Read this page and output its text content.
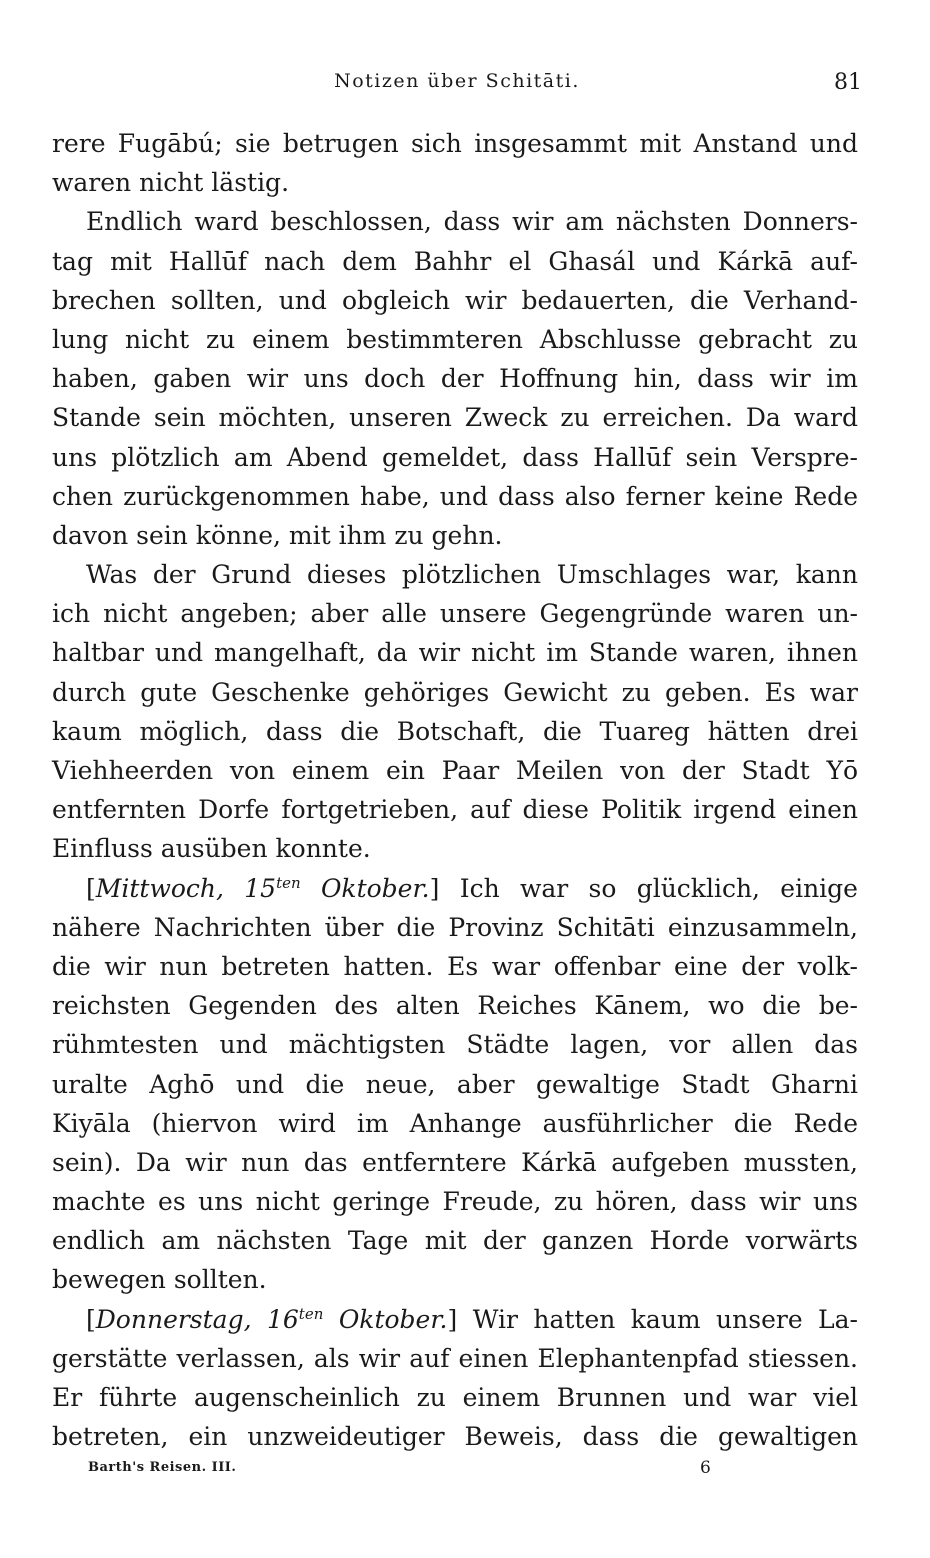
Notizen über Schitāti.	81
rere Fugābú; sie betrugen sich insgesammt mit Anstand und
waren nicht lästig.
Endlich ward beschlossen, dass wir am nächsten Donners-
tag mit Hallūf nach dem Bahhr el Ghasál und Kárkā auf-
brechen sollten, und obgleich wir bedauerten, die Verhand-
lung nicht zu einem bestimmteren Abschlusse gebracht zu
haben, gaben wir uns doch der Hoffnung hin, dass wir im
Stande sein möchten, unseren Zweck zu erreichen. Da ward
uns plötzlich am Abend gemeldet, dass Hallūf sein Verspre-
chen zurückgenommen habe, und dass also ferner keine Rede
davon sein könne, mit ihm zu gehn.
Was der Grund dieses plötzlichen Umschlages war, kann
ich nicht angeben; aber alle unsere Gegengründe waren un-
haltbar und mangelhaft, da wir nicht im Stande waren, ihnen
durch gute Geschenke gehöriges Gewicht zu geben. Es war
kaum möglich, dass die Botschaft, die Tuareg hätten drei
Viehheerden von einem ein Paar Meilen von der Stadt Yō
entfernten Dorfe fortgetrieben, auf diese Politik irgend einen
Einfluss ausüben konnte.
[Mittwoch, $15^{ten}$ Oktober.] Ich war so glücklich, einige
nähere Nachrichten über die Provinz Schitāti einzusammeln,
die wir nun betreten hatten. Es war offenbar eine der volk-
reichsten Gegenden des alten Reiches Kānem, wo die be-
rühmtesten und mächtigsten Städte lagen, vor allen das
uralte Aghō und die neue, aber gewaltige Stadt Gharni
Kiyāla (hiervon wird im Anhange ausführlicher die Rede
sein). Da wir nun das entferntere Kárkā aufgeben mussten,
machte es uns nicht geringe Freude, zu hören, dass wir uns
endlich am nächsten Tage mit der ganzen Horde vorwärts
bewegen sollten.
[Donnerstag, $16^{ten}$ Oktober.] Wir hatten kaum unsere La-
gerstätte verlassen, als wir auf einen Elephantenpfad stiessen.
Er führte augenscheinlich zu einem Brunnen und war viel
betreten, ein unzweideutiger Beweis, dass die gewaltigen
Barth's Reisen. III.	6
